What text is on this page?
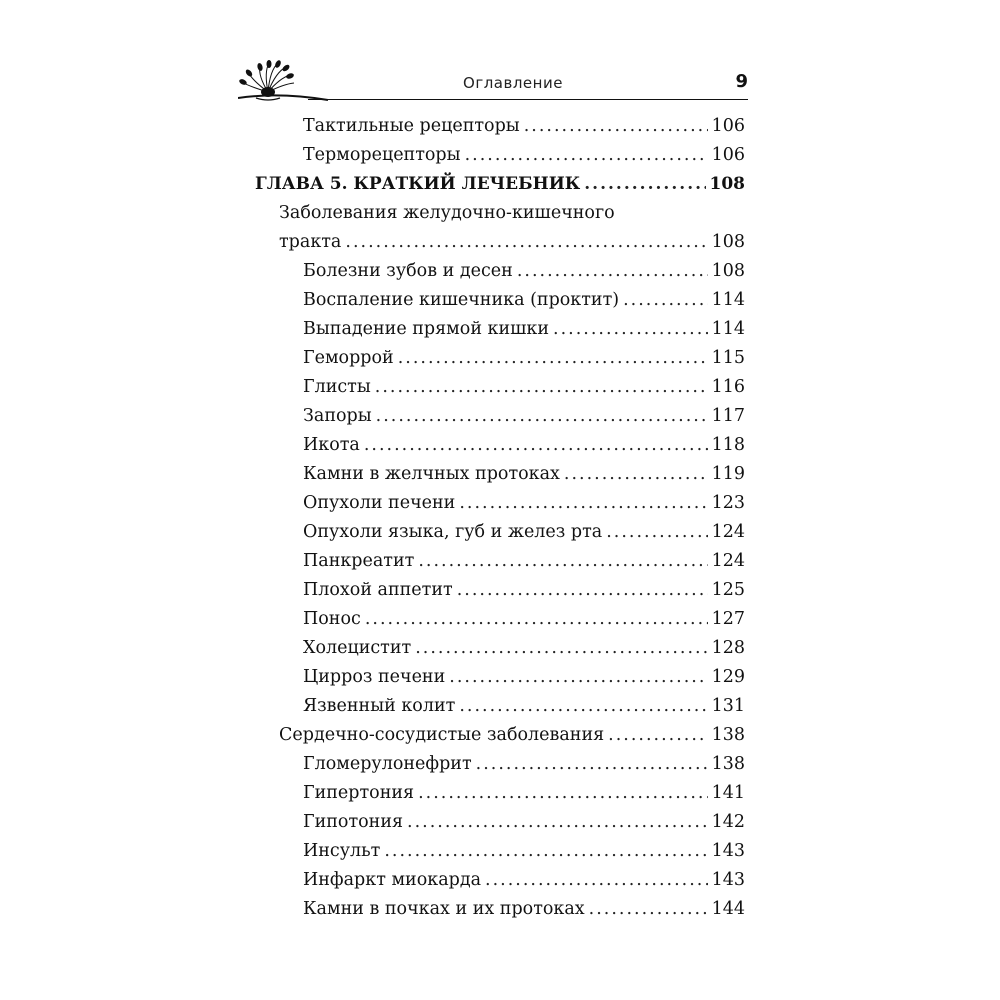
Оглавление	9
Тактильные рецепторы .....	106
Терморецепторы .....	106
ГЛАВА 5. КРАТКИЙ ЛЕЧЕБНИК .....	108
Заболевания желудочно-кишечного
тракта .....	108
Болезни зубов и десен .....	108
Воспаление кишечника (проктит) .....	114
Выпадение прямой кишки .....	114
Геморрой .....	115
Глисты .....	116
Запоры .....	117
Икота .....	118
Камни в желчных протоках .....	119
Опухоли печени .....	123
Опухоли языка, губ и желез рта .....	124
Панкреатит .....	124
Плохой аппетит .....	125
Понос .....	127
Холецистит .....	128
Цирроз печени .....	129
Язвенный колит .....	131
Сердечно-сосудистые заболевания .....	138
Гломерулонефрит .....	138
Гипертония .....	141
Гипотония .....	142
Инсульт .....	143
Инфаркт миокарда .....	143
Камни в почках и их протоках .....	144
